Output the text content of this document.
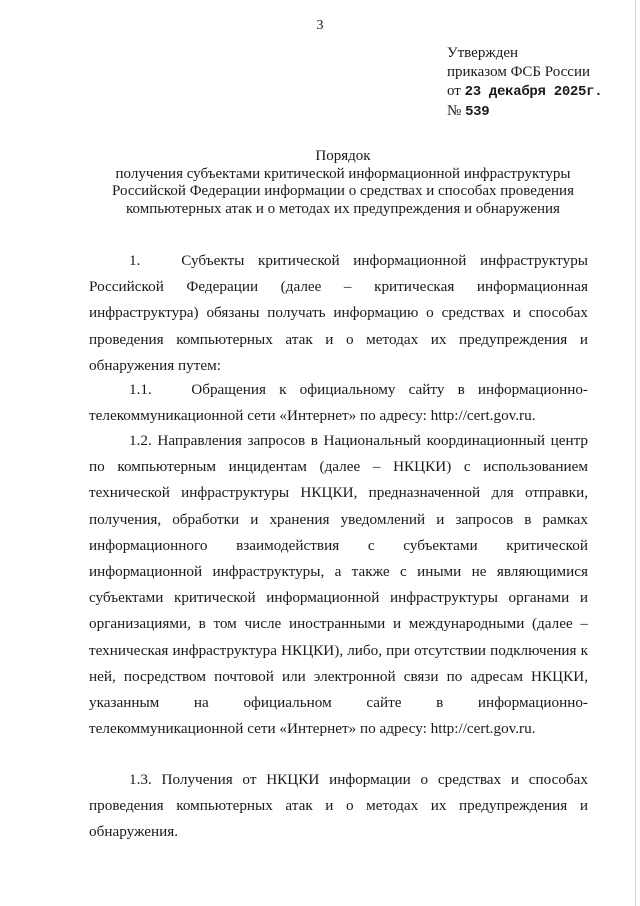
3
Утвержден
приказом ФСБ России
от 23 декабря 2025г.
№ 539
Порядок
получения субъектами критической информационной инфраструктуры
Российской Федерации информации о средствах и способах проведения
компьютерных атак и о методах их предупреждения и обнаружения

1.   Субъекты критической информационной инфраструктуры Российской Федерации (далее – критическая информационная инфраструктура) обязаны получать информацию о средствах и способах проведения компьютерных атак и о методах их предупреждения и обнаружения путем:

1.1.   Обращения к официальному сайту в информационно-телекоммуникационной сети «Интернет» по адресу: http://cert.gov.ru.

1.2. Направления запросов в Национальный координационный центр по компьютерным инцидентам (далее – НКЦКИ) с использованием технической инфраструктуры НКЦКИ, предназначенной для отправки, получения, обработки и хранения уведомлений и запросов в рамках информационного взаимодействия с субъектами критической информационной инфраструктуры, а также с иными не являющимися субъектами критической информационной инфраструктуры органами и организациями, в том числе иностранными и международными (далее – техническая инфраструктура НКЦКИ), либо, при отсутствии подключения к ней, посредством почтовой или электронной связи по адресам НКЦКИ, указанным на официальном сайте в информационно-телекоммуникационной сети «Интернет» по адресу: http://cert.gov.ru.

1.3. Получения от НКЦКИ информации о средствах и способах проведения компьютерных атак и о методах их предупреждения и обнаружения.
